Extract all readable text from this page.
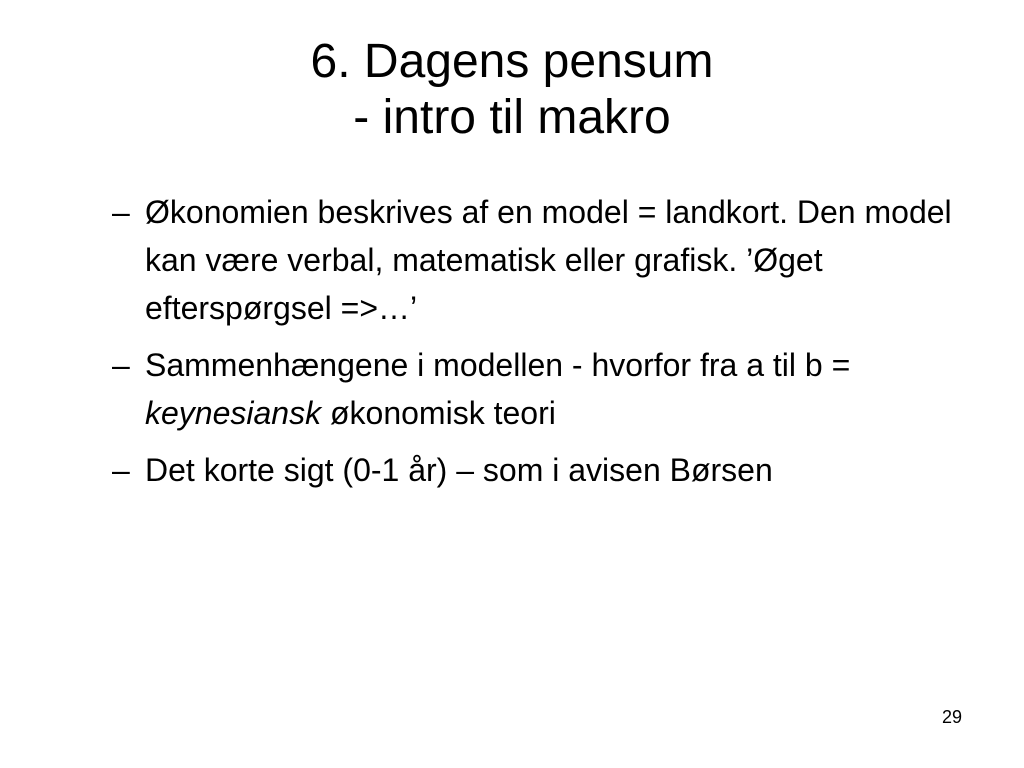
6. Dagens pensum
- intro til makro
– Økonomien beskrives af en model = landkort. Den model kan være verbal, matematisk eller grafisk. ’Øget efterspørgsel =>…’
– Sammenhængene i modellen - hvorfor fra a til b = keynesiansk økonomisk teori
– Det korte sigt (0-1 år) – som i avisen Børsen
29
